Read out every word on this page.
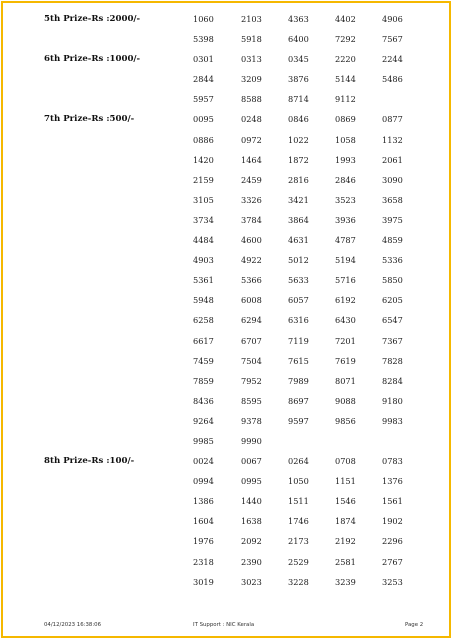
5th Prize-Rs :2000/-	1060	2103	4363	4402	4906
5398	5918	6400	7292	7567
6th Prize-Rs :1000/-	0301	0313	0345	2220	2244
2844	3209	3876	5144	5486
5957	8588	8714	9112
7th Prize-Rs :500/-	0095	0248	0846	0869	0877
0886	0972	1022	1058	1132
1420	1464	1872	1993	2061
2159	2459	2816	2846	3090
3105	3326	3421	3523	3658
3734	3784	3864	3936	3975
4484	4600	4631	4787	4859
4903	4922	5012	5194	5336
5361	5366	5633	5716	5850
5948	6008	6057	6192	6205
6258	6294	6316	6430	6547
6617	6707	7119	7201	7367
7459	7504	7615	7619	7828
7859	7952	7989	8071	8284
8436	8595	8697	9088	9180
9264	9378	9597	9856	9983
9985	9990
8th Prize-Rs :100/-	0024	0067	0264	0708	0783
0994	0995	1050	1151	1376
1386	1440	1511	1546	1561
1604	1638	1746	1874	1902
1976	2092	2173	2192	2296
2318	2390	2529	2581	2767
3019	3023	3228	3239	3253
04/12/2023 16:38:06	IT Support : NIC Kerala	Page 2
